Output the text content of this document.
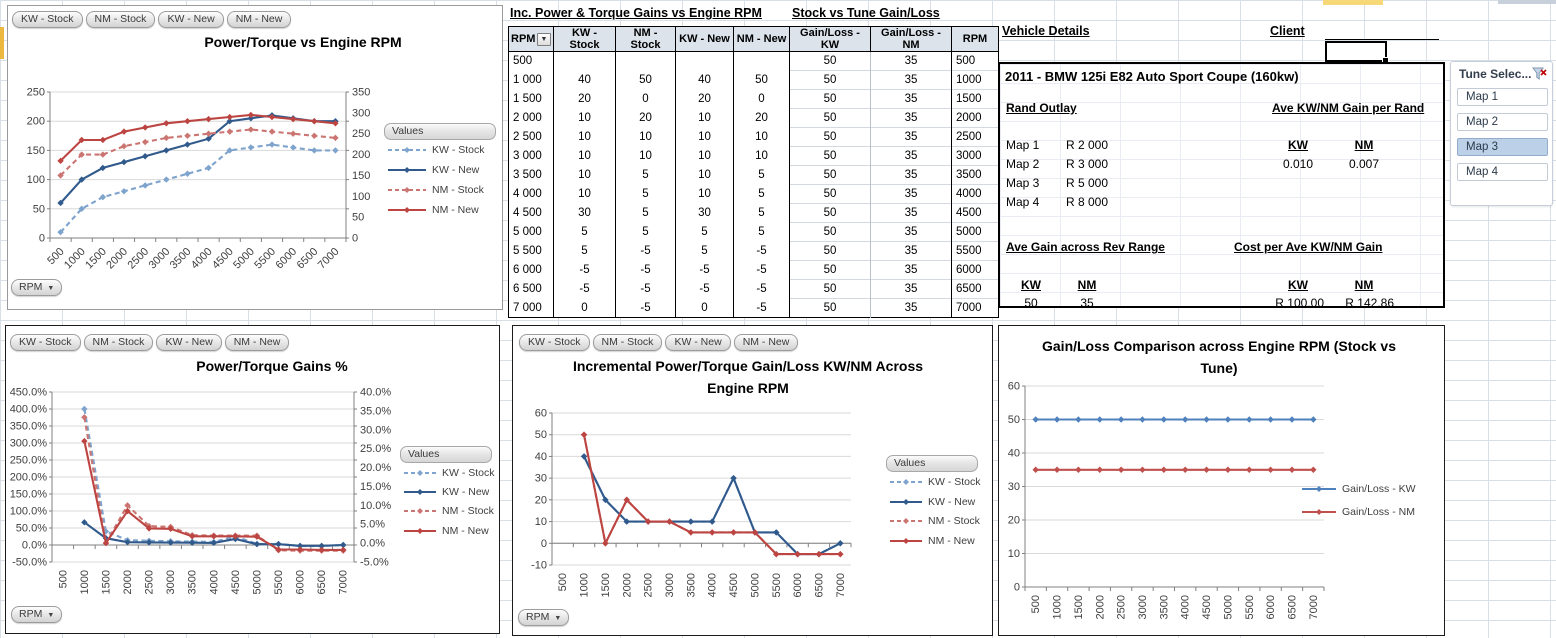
KW - Stock	NM - Stock	KW - New	NM - New
Power/Torque vs Engine RPM
250
200
150
100
50
0
350
300
250
200
150
100
50
0
500
1000
1500
2000
2500
3000
3500
4000
4500
5000
5500
6000
6500
7000
Values
KW - Stock
KW - New
NM - Stock
NM - New
RPM ▼
KW - Stock	NM - Stock	KW - New	NM - New
Power/Torque Gains %
450.0%
400.0%
350.0%
300.0%
250.0%
200.0%
150.0%
100.0%
50.0%
0.0%
-50.0%
40.0%
35.0%
30.0%
25.0%
20.0%
15.0%
10.0%
5.0%
0.0%
-5.0%
500 1000 1500 2000 2500 3000 3500 4000 4500 5000 5500 6000 6500 7000
Values
KW - Stock
KW - New
NM - Stock
NM - New
RPM ▼
KW - Stock	NM - Stock	KW - New	NM - New
Incremental Power/Torque Gain/Loss KW/NM Across
Engine RPM
60
50
40
30
20
10
0
-10
500 1000 1500 2000 2500 3000 3500 4000 4500 5000 5500 6000 6500 7000
Values
KW - Stock
KW - New
NM - Stock
NM - New
RPM ▼
Gain/Loss Comparison across Engine RPM (Stock vs
Tune)
60
50
40
30
20
10
0
500 1000 1500 2000 2500 3000 3500 4000 4500 5000 5500 6000 6500 7000
Gain/Loss - KW
Gain/Loss - NM
Inc. Power & Torque Gains vs Engine RPM Stock vs Tune Gain/Loss
RPM ▼	KW - Stock	NM - Stock	KW - New	NM - New	Gain/Loss - KW	Gain/Loss - NM	RPM
500					50	35	500
1 000	40	50	40	50	50	35	1000
1 500	20	0	20	0	50	35	1500
2 000	10	20	10	20	50	35	2000
2 500	10	10	10	10	50	35	2500
3 000	10	10	10	10	50	35	3000
3 500	10	5	10	5	50	35	3500
4 000	10	5	10	5	50	35	4000
4 500	30	5	30	5	50	35	4500
5 000	5	5	5	5	50	35	5000
5 500	5	-5	5	-5	50	35	5500
6 000	-5	-5	-5	-5	50	35	6000
6 500	-5	-5	-5	-5	50	35	6500
7 000	0	-5	0	-5	50	35	7000
Vehicle Details	Client
2011 - BMW 125i E82 Auto Sport Coupe (160kw)
Rand Outlay	Ave KW/NM Gain per Rand
Map 1 R 2 000
Map 2 R 3 000
Map 3 R 5 000
Map 4 R 8 000
KW	NM
0.010	0.007
Ave Gain across Rev Range	Cost per Ave KW/NM Gain
KW	NM
50	35
KW	NM
R 100.00	R 142.86
Tune Selec...
Map 1
Map 2
Map 3
Map 4
